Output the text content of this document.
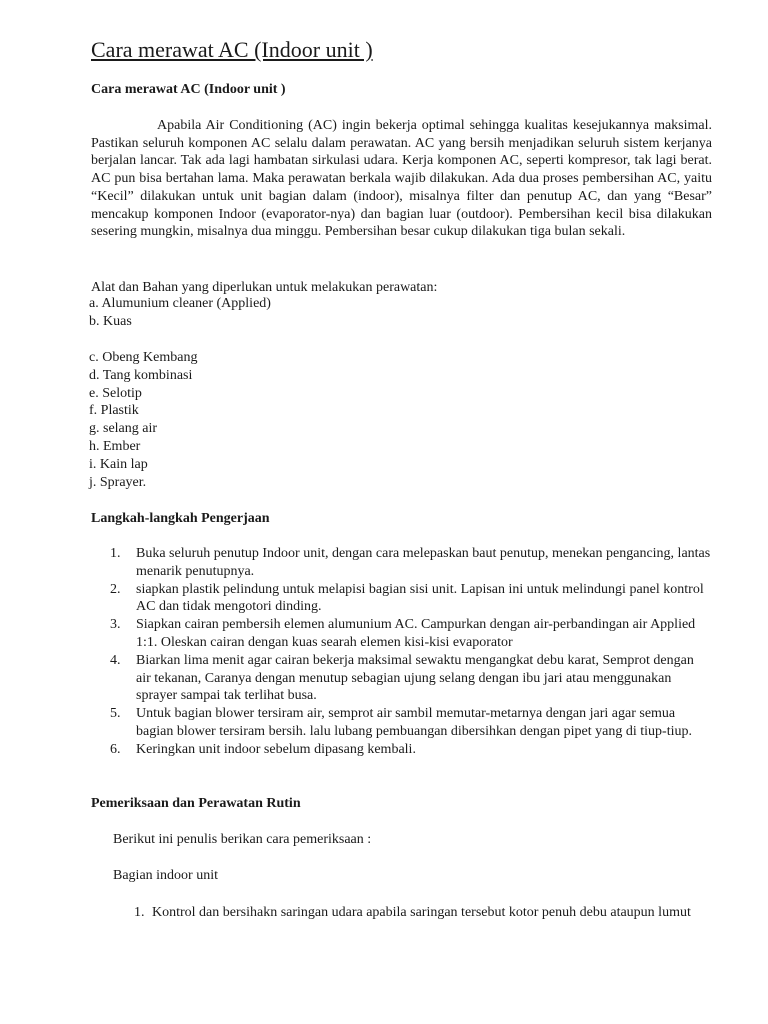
Cara merawat AC (Indoor unit )
Cara merawat AC (Indoor unit )

Apabila Air Conditioning (AC) ingin bekerja optimal sehingga kualitas kesejukannya maksimal. Pastikan seluruh komponen AC selalu dalam perawatan. AC yang bersih menjadikan seluruh sistem kerjanya berjalan lancar. Tak ada lagi hambatan sirkulasi udara. Kerja komponen AC, seperti kompresor, tak lagi berat. AC pun bisa bertahan lama. Maka perawatan berkala wajib dilakukan. Ada dua proses pembersihan AC, yaitu “Kecil” dilakukan untuk unit bagian dalam (indoor), misalnya filter dan penutup AC, dan yang “Besar” mencakup komponen Indoor (evaporator-nya) dan bagian luar (outdoor). Pembersihan kecil bisa dilakukan sesering mungkin, misalnya dua minggu. Pembersihan besar cukup dilakukan tiga bulan sekali.

Alat dan Bahan yang diperlukan untuk melakukan perawatan:

a. Alumunium cleaner (Applied)
b. Kuas
c. Obeng Kembang
d. Tang kombinasi
e. Selotip
f. Plastik
g. selang air
h. Ember
i. Kain lap
j. Sprayer.
Langkah-langkah Pengerjaan
1. Buka seluruh penutup Indoor unit, dengan cara melepaskan baut penutup, menekan pengancing, lantas menarik penutupnya.
2. siapkan plastik pelindung untuk melapisi bagian sisi unit. Lapisan ini untuk melindungi panel kontrol AC dan tidak mengotori dinding.
3. Siapkan cairan pembersih elemen alumunium AC. Campurkan dengan air-perbandingan air Applied 1:1. Oleskan cairan dengan kuas searah elemen kisi-kisi evaporator
4. Biarkan lima menit agar cairan bekerja maksimal sewaktu mengangkat debu karat, Semprot dengan air tekanan, Caranya dengan menutup sebagian ujung selang dengan ibu jari atau menggunakan sprayer sampai tak terlihat busa.
5. Untuk bagian blower tersiram air, semprot air sambil memutar-metarnya dengan jari agar semua bagian blower tersiram bersih. lalu lubang pembuangan dibersihkan dengan pipet yang di tiup-tiup.
6. Keringkan unit indoor sebelum dipasang kembali.
Pemeriksaan dan Perawatan Rutin

Berikut ini penulis berikan cara pemeriksaan :

Bagian indoor unit

1. Kontrol dan bersihakn saringan udara apabila saringan tersebut kotor penuh debu ataupun lumut
